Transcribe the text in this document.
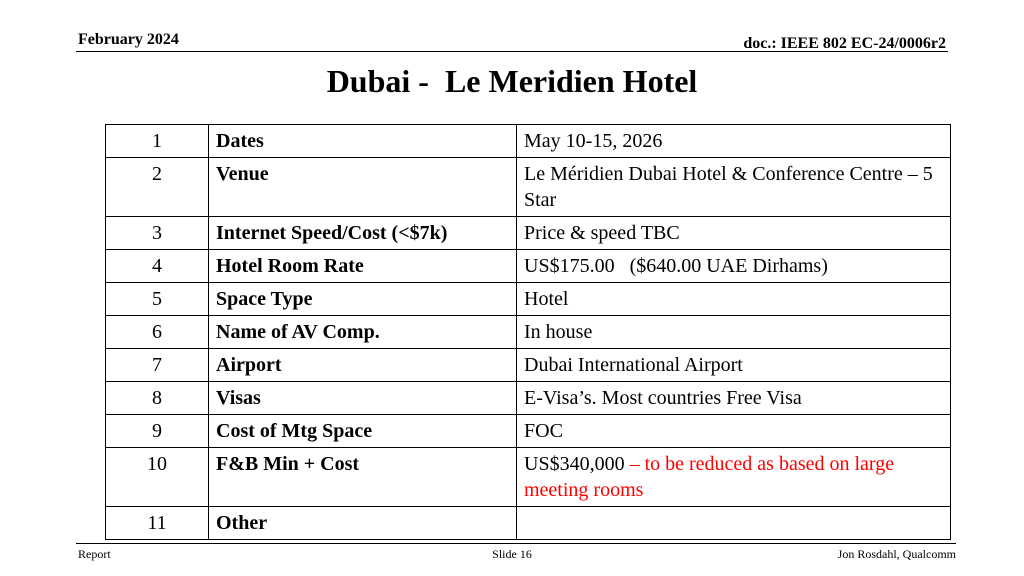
February 2024	doc.: IEEE 802 EC-24/0006r2
Dubai -  Le Meridien Hotel
1	Dates	May 10-15, 2026
2	Venue	Le Méridien Dubai Hotel & Conference Centre – 5 Star
3	Internet Speed/Cost (<$7k)	Price & speed TBC
4	Hotel Room Rate	US$175.00   ($640.00 UAE Dirhams)
5	Space Type	Hotel
6	Name of AV Comp.	In house
7	Airport	Dubai International Airport
8	Visas	E-Visa’s. Most countries Free Visa
9	Cost of Mtg Space	FOC
10	F&B Min + Cost	US$340,000 – to be reduced as based on large meeting rooms
11	Other	
Report	Slide 16	Jon Rosdahl, Qualcomm
